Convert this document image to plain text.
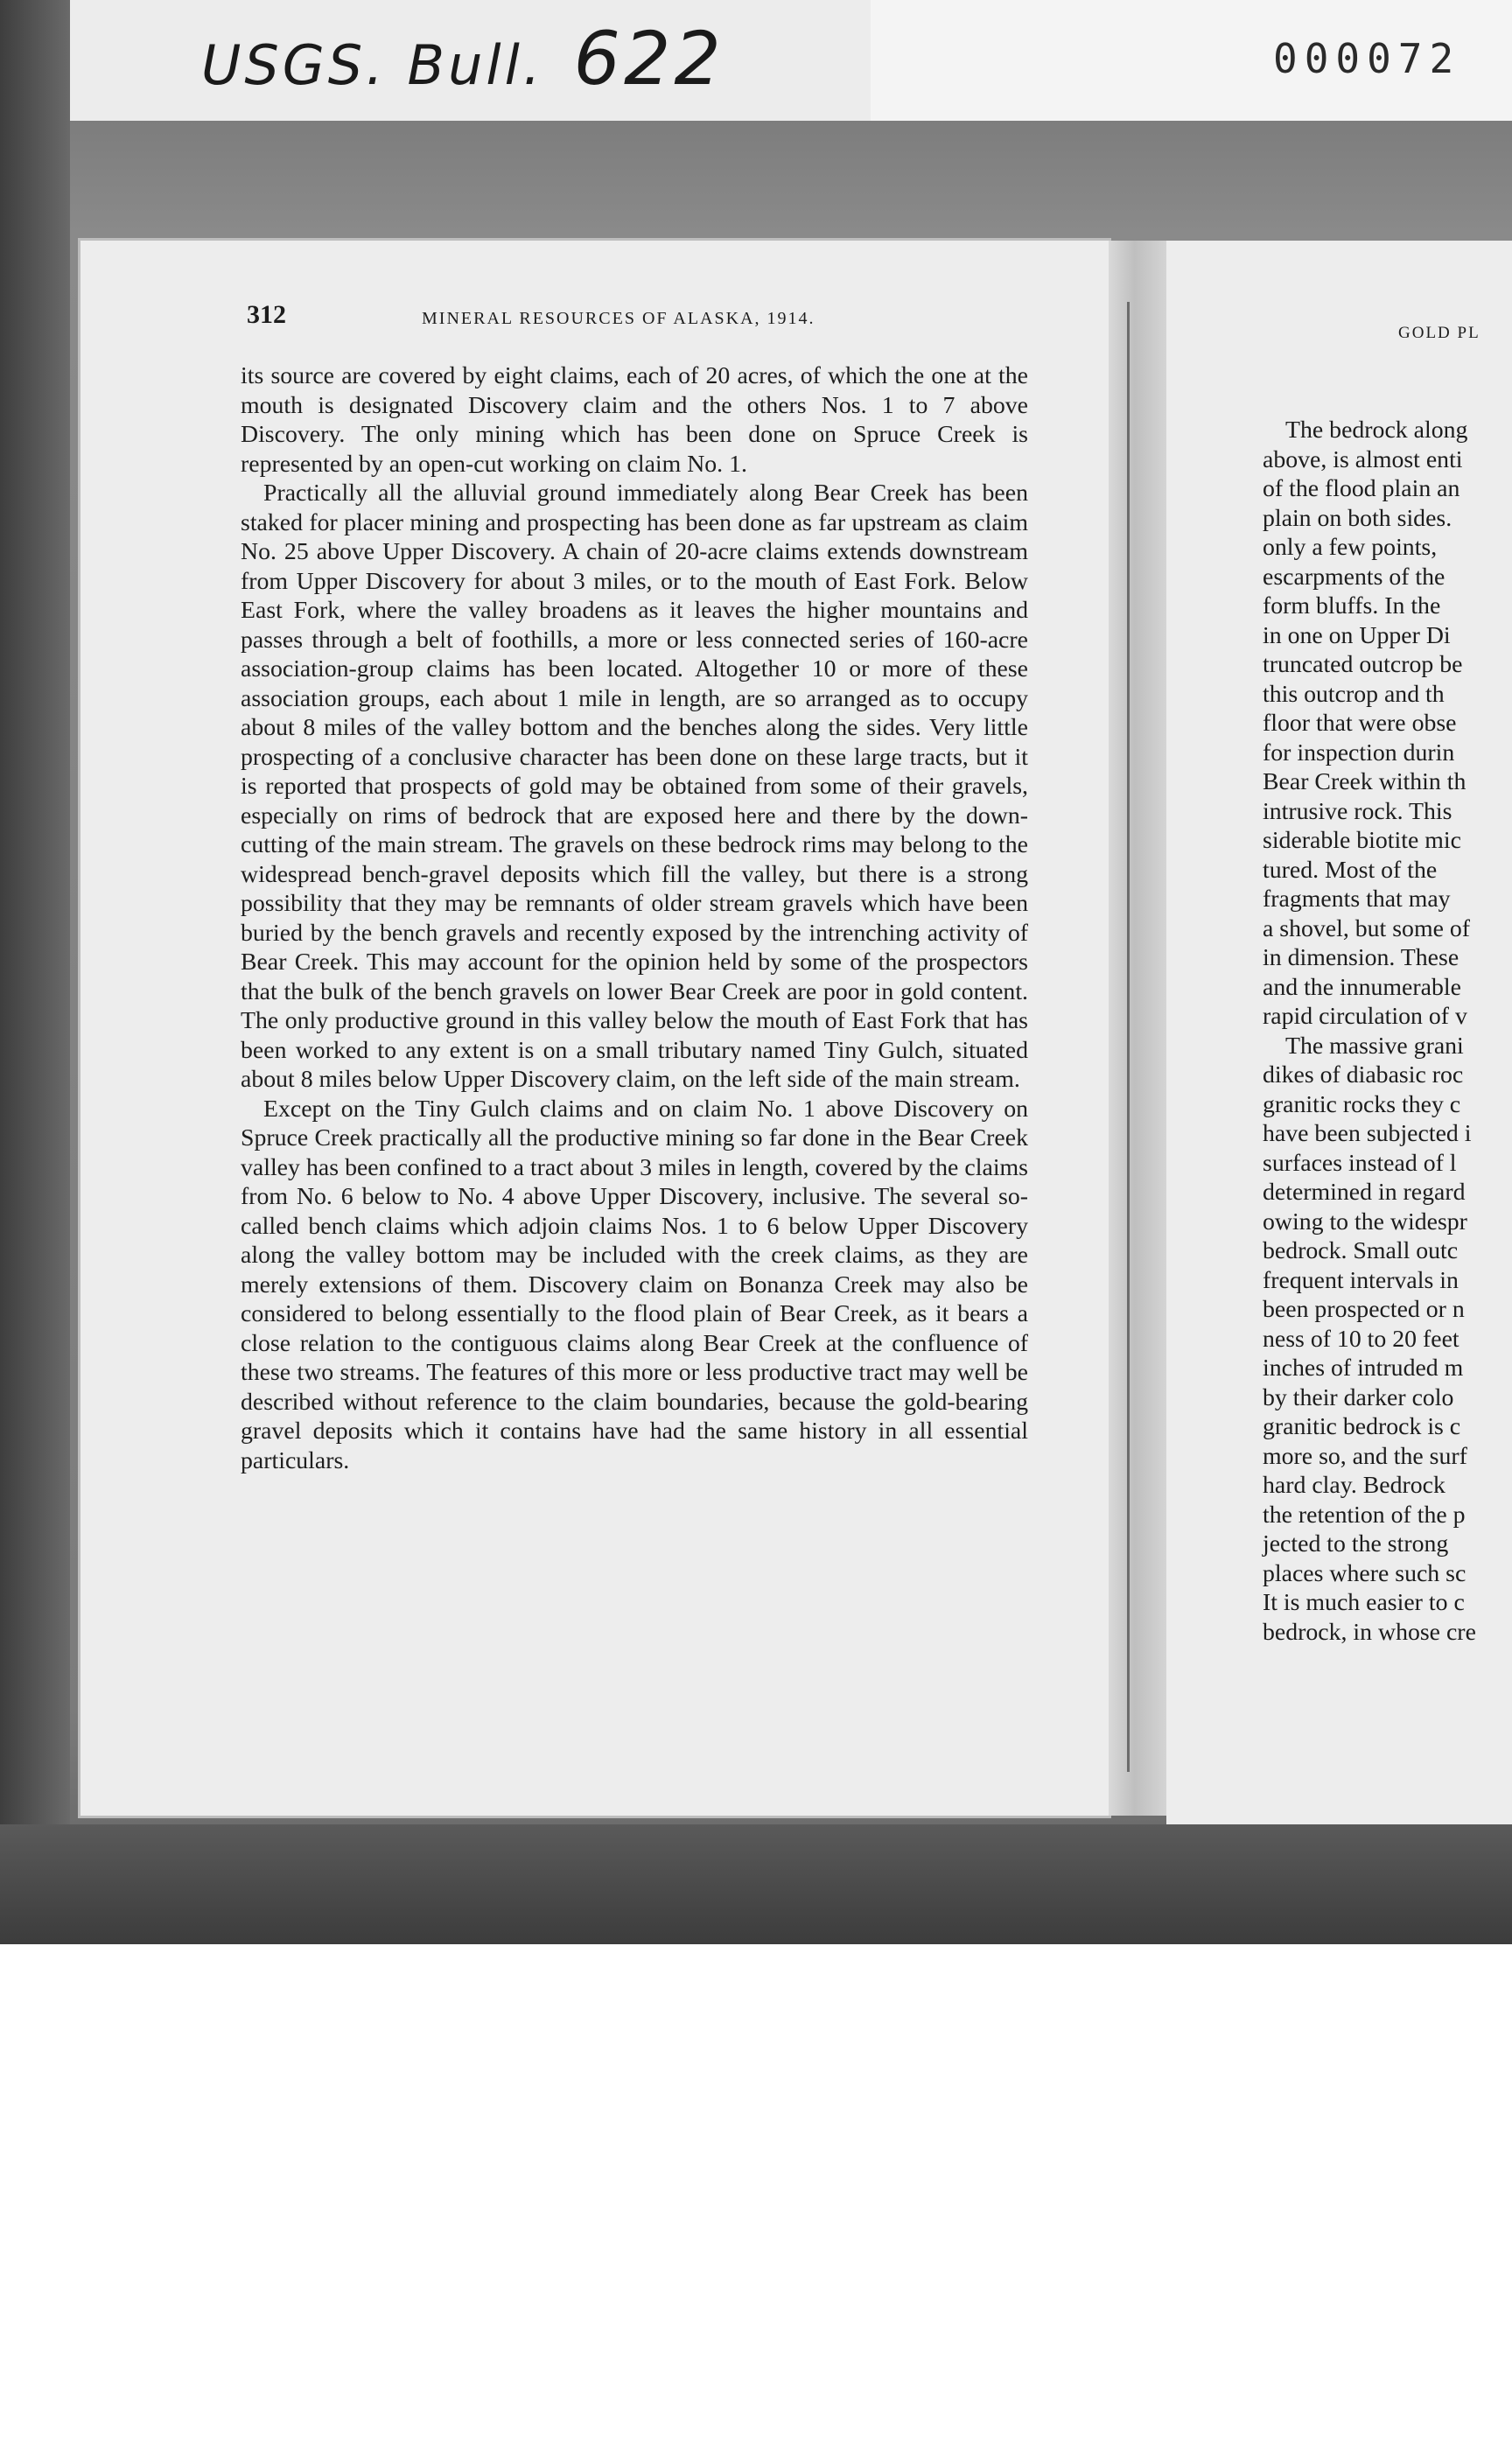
USGS. Bull. 622	000072
312	MINERAL RESOURCES OF ALASKA, 1914.

its source are covered by eight claims, each of 20 acres, of which the one at the mouth is designated Discovery claim and the others Nos. 1 to 7 above Discovery. The only mining which has been done on Spruce Creek is represented by an open-cut working on claim No. 1.

Practically all the alluvial ground immediately along Bear Creek has been staked for placer mining and prospecting has been done as far upstream as claim No. 25 above Upper Discovery. A chain of 20-acre claims extends downstream from Upper Discovery for about 3 miles, or to the mouth of East Fork. Below East Fork, where the valley broadens as it leaves the higher mountains and passes through a belt of foothills, a more or less connected series of 160-acre association-group claims has been located. Altogether 10 or more of these association groups, each about 1 mile in length, are so arranged as to occupy about 8 miles of the valley bottom and the benches along the sides. Very little prospecting of a conclusive character has been done on these large tracts, but it is reported that prospects of gold may be obtained from some of their gravels, especially on rims of bedrock that are exposed here and there by the down-cutting of the main stream. The gravels on these bedrock rims may belong to the widespread bench-gravel deposits which fill the valley, but there is a strong possibility that they may be remnants of older stream gravels which have been buried by the bench gravels and recently exposed by the intrenching activity of Bear Creek. This may account for the opinion held by some of the prospectors that the bulk of the bench gravels on lower Bear Creek are poor in gold content. The only productive ground in this valley below the mouth of East Fork that has been worked to any extent is on a small tributary named Tiny Gulch, situated about 8 miles below Upper Discovery claim, on the left side of the main stream.

Except on the Tiny Gulch claims and on claim No. 1 above Discovery on Spruce Creek practically all the productive mining so far done in the Bear Creek valley has been confined to a tract about 3 miles in length, covered by the claims from No. 6 below to No. 4 above Upper Discovery, inclusive. The several so-called bench claims which adjoin claims Nos. 1 to 6 below Upper Discovery along the valley bottom may be included with the creek claims, as they are merely extensions of them. Discovery claim on Bonanza Creek may also be considered to belong essentially to the flood plain of Bear Creek, as it bears a close relation to the contiguous claims along Bear Creek at the confluence of these two streams. The features of this more or less productive tract may well be described without reference to the claim boundaries, because the gold-bearing gravel deposits which it contains have had the same history in all essential particulars.

GOLD PL
The bedrock along
above, is almost enti
of the flood plain an
plain on both sides.
only a few points,
escarpments of the
form bluffs. In the
in one on Upper Di
truncated outcrop be
this outcrop and th
floor that were obse
for inspection durin
Bear Creek within th
intrusive rock. This
siderable biotite mic
tured. Most of the
fragments that may
a shovel, but some of
in dimension. These
and the innumerable
rapid circulation of v
The massive grani
dikes of diabasic roc
granitic rocks they c
have been subjected i
surfaces instead of l
determined in regard
owing to the widespr
bedrock. Small outc
frequent intervals in
been prospected or n
ness of 10 to 20 feet
inches of intruded m
by their darker colo
granitic bedrock is c
more so, and the surf
hard clay. Bedrock
the retention of the p
jected to the strong
places where such sc
It is much easier to c
bedrock, in whose cre
